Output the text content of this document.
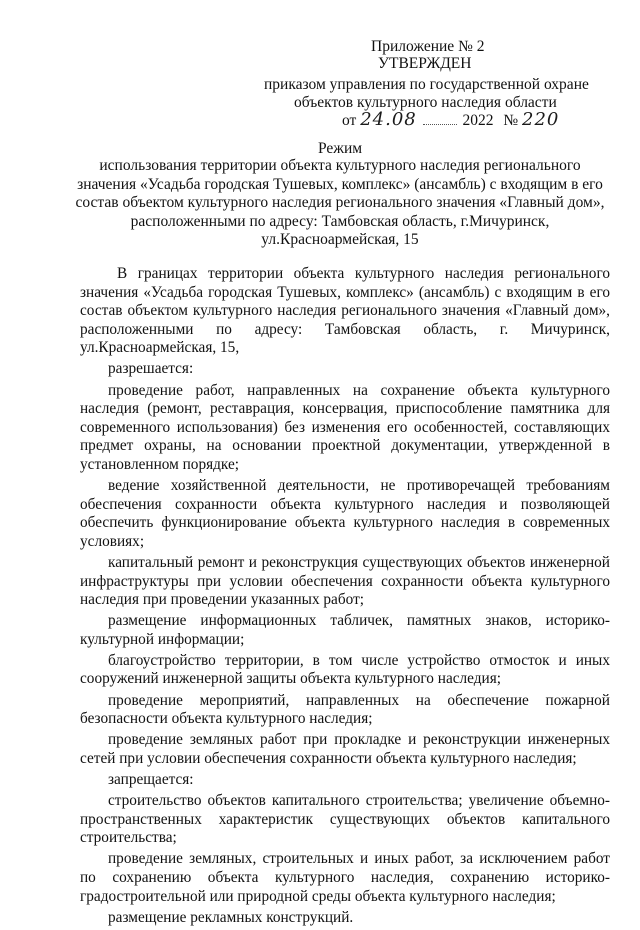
Приложение № 2
УТВЕРЖДЕН
приказом управления по государственной охране
объектов культурного наследия области
от 24.08	2022 № 220
Режим
использования территории объекта культурного наследия регионального
значения «Усадьба городская Тушевых, комплекс» (ансамбль) с входящим в его
состав объектом культурного наследия регионального значения «Главный дом»,
расположенными по адресу: Тамбовская область, г.Мичуринск,
ул.Красноармейская, 15

В границах территории объекта культурного наследия регионального значения «Усадьба городская Тушевых, комплекс» (ансамбль) с входящим в его состав объектом культурного наследия регионального значения «Главный дом», расположенными по адресу: Тамбовская область, г. Мичуринск, ул.Красноармейская, 15,

разрешается:

проведение работ, направленных на сохранение объекта культурного наследия (ремонт, реставрация, консервация, приспособление памятника для современного использования) без изменения его особенностей, составляющих предмет охраны, на основании проектной документации, утвержденной в установленном порядке;

ведение хозяйственной деятельности, не противоречащей требованиям обеспечения сохранности объекта культурного наследия и позволяющей обеспечить функционирование объекта культурного наследия в современных условиях;

капитальный ремонт и реконструкция существующих объектов инженерной инфраструктуры при условии обеспечения сохранности объекта культурного наследия при проведении указанных работ;

размещение информационных табличек, памятных знаков, историко-культурной информации;

благоустройство территории, в том числе устройство отмосток и иных сооружений инженерной защиты объекта культурного наследия;

проведение мероприятий, направленных на обеспечение пожарной безопасности объекта культурного наследия;

проведение земляных работ при прокладке и реконструкции инженерных сетей при условии обеспечения сохранности объекта культурного наследия;

запрещается:

строительство объектов капитального строительства; увеличение объемно-пространственных характеристик существующих объектов капитального строительства;

проведение земляных, строительных и иных работ, за исключением работ по сохранению объекта культурного наследия, сохранению историко-градостроительной или природной среды объекта культурного наследия;

размещение рекламных конструкций.
